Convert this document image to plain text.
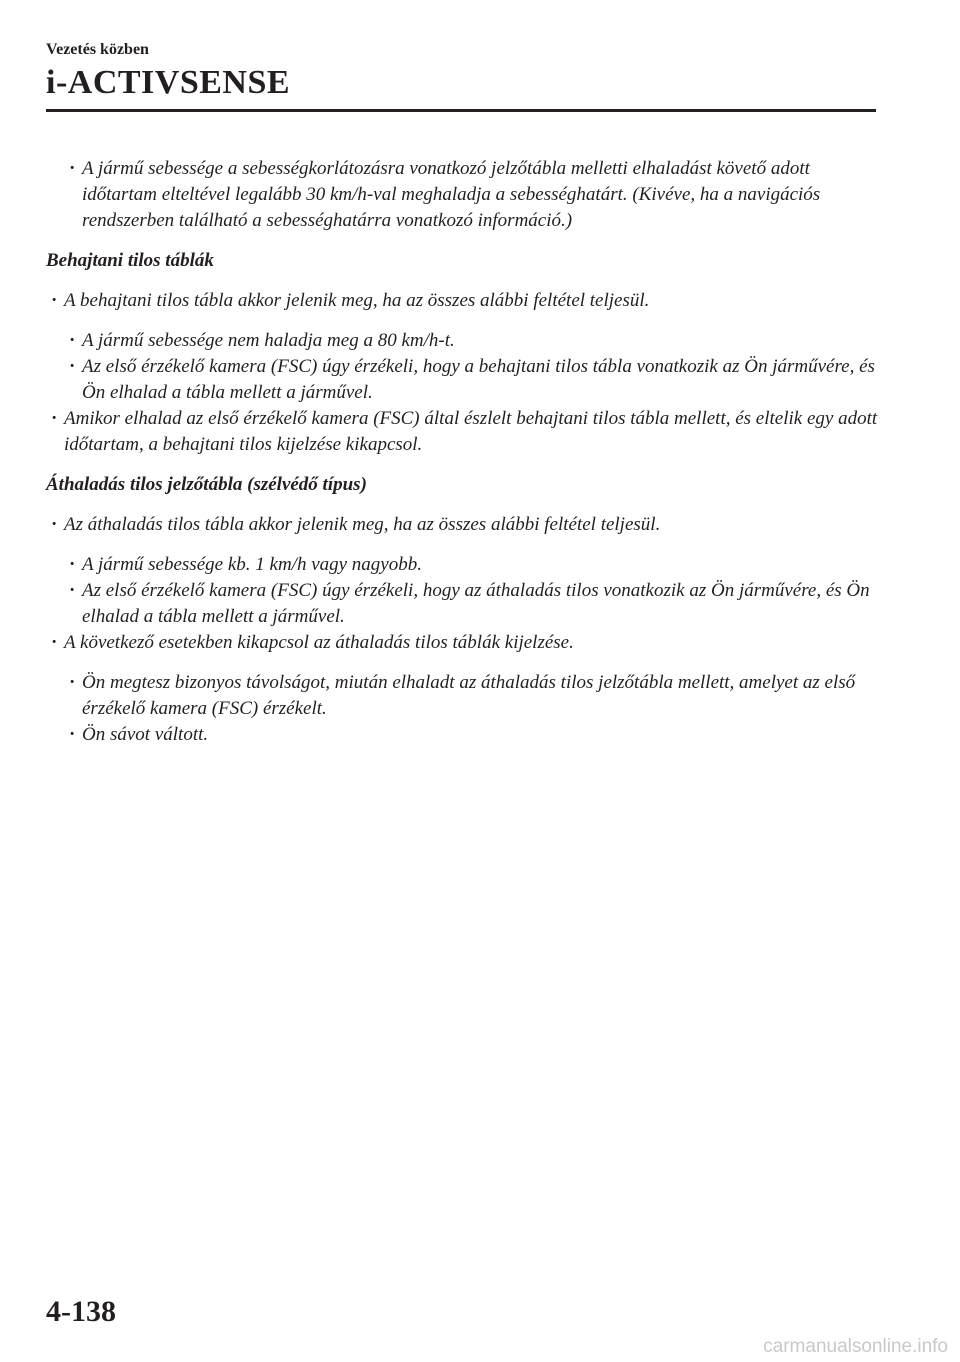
Vezetés közben
i-ACTIVSENSE
· A jármű sebessége a sebességkorlátozásra vonatkozó jelzőtábla melletti elhaladást követő adott időtartam elteltével legalább 30 km/h-val meghaladja a sebességhatárt. (Kivéve, ha a navigációs rendszerben található a sebességhatárra vonatkozó információ.)
Behajtani tilos táblák
· A behajtani tilos tábla akkor jelenik meg, ha az összes alábbi feltétel teljesül.
· A jármű sebessége nem haladja meg a 80 km/h-t.
· Az első érzékelő kamera (FSC) úgy érzékeli, hogy a behajtani tilos tábla vonatkozik az Ön járművére, és Ön elhalad a tábla mellett a járművel.
· Amikor elhalad az első érzékelő kamera (FSC) által észlelt behajtani tilos tábla mellett, és eltelik egy adott időtartam, a behajtani tilos kijelzése kikapcsol.
Áthaladás tilos jelzőtábla (szélvédő típus)
· Az áthaladás tilos tábla akkor jelenik meg, ha az összes alábbi feltétel teljesül.
· A jármű sebessége kb. 1 km/h vagy nagyobb.
· Az első érzékelő kamera (FSC) úgy érzékeli, hogy az áthaladás tilos vonatkozik az Ön járművére, és Ön elhalad a tábla mellett a járművel.
· A következő esetekben kikapcsol az áthaladás tilos táblák kijelzése.
· Ön megtesz bizonyos távolságot, miután elhaladt az áthaladás tilos jelzőtábla mellett, amelyet az első érzékelő kamera (FSC) érzékelt.
· Ön sávot váltott.
4-138
carmanualsonline.info
